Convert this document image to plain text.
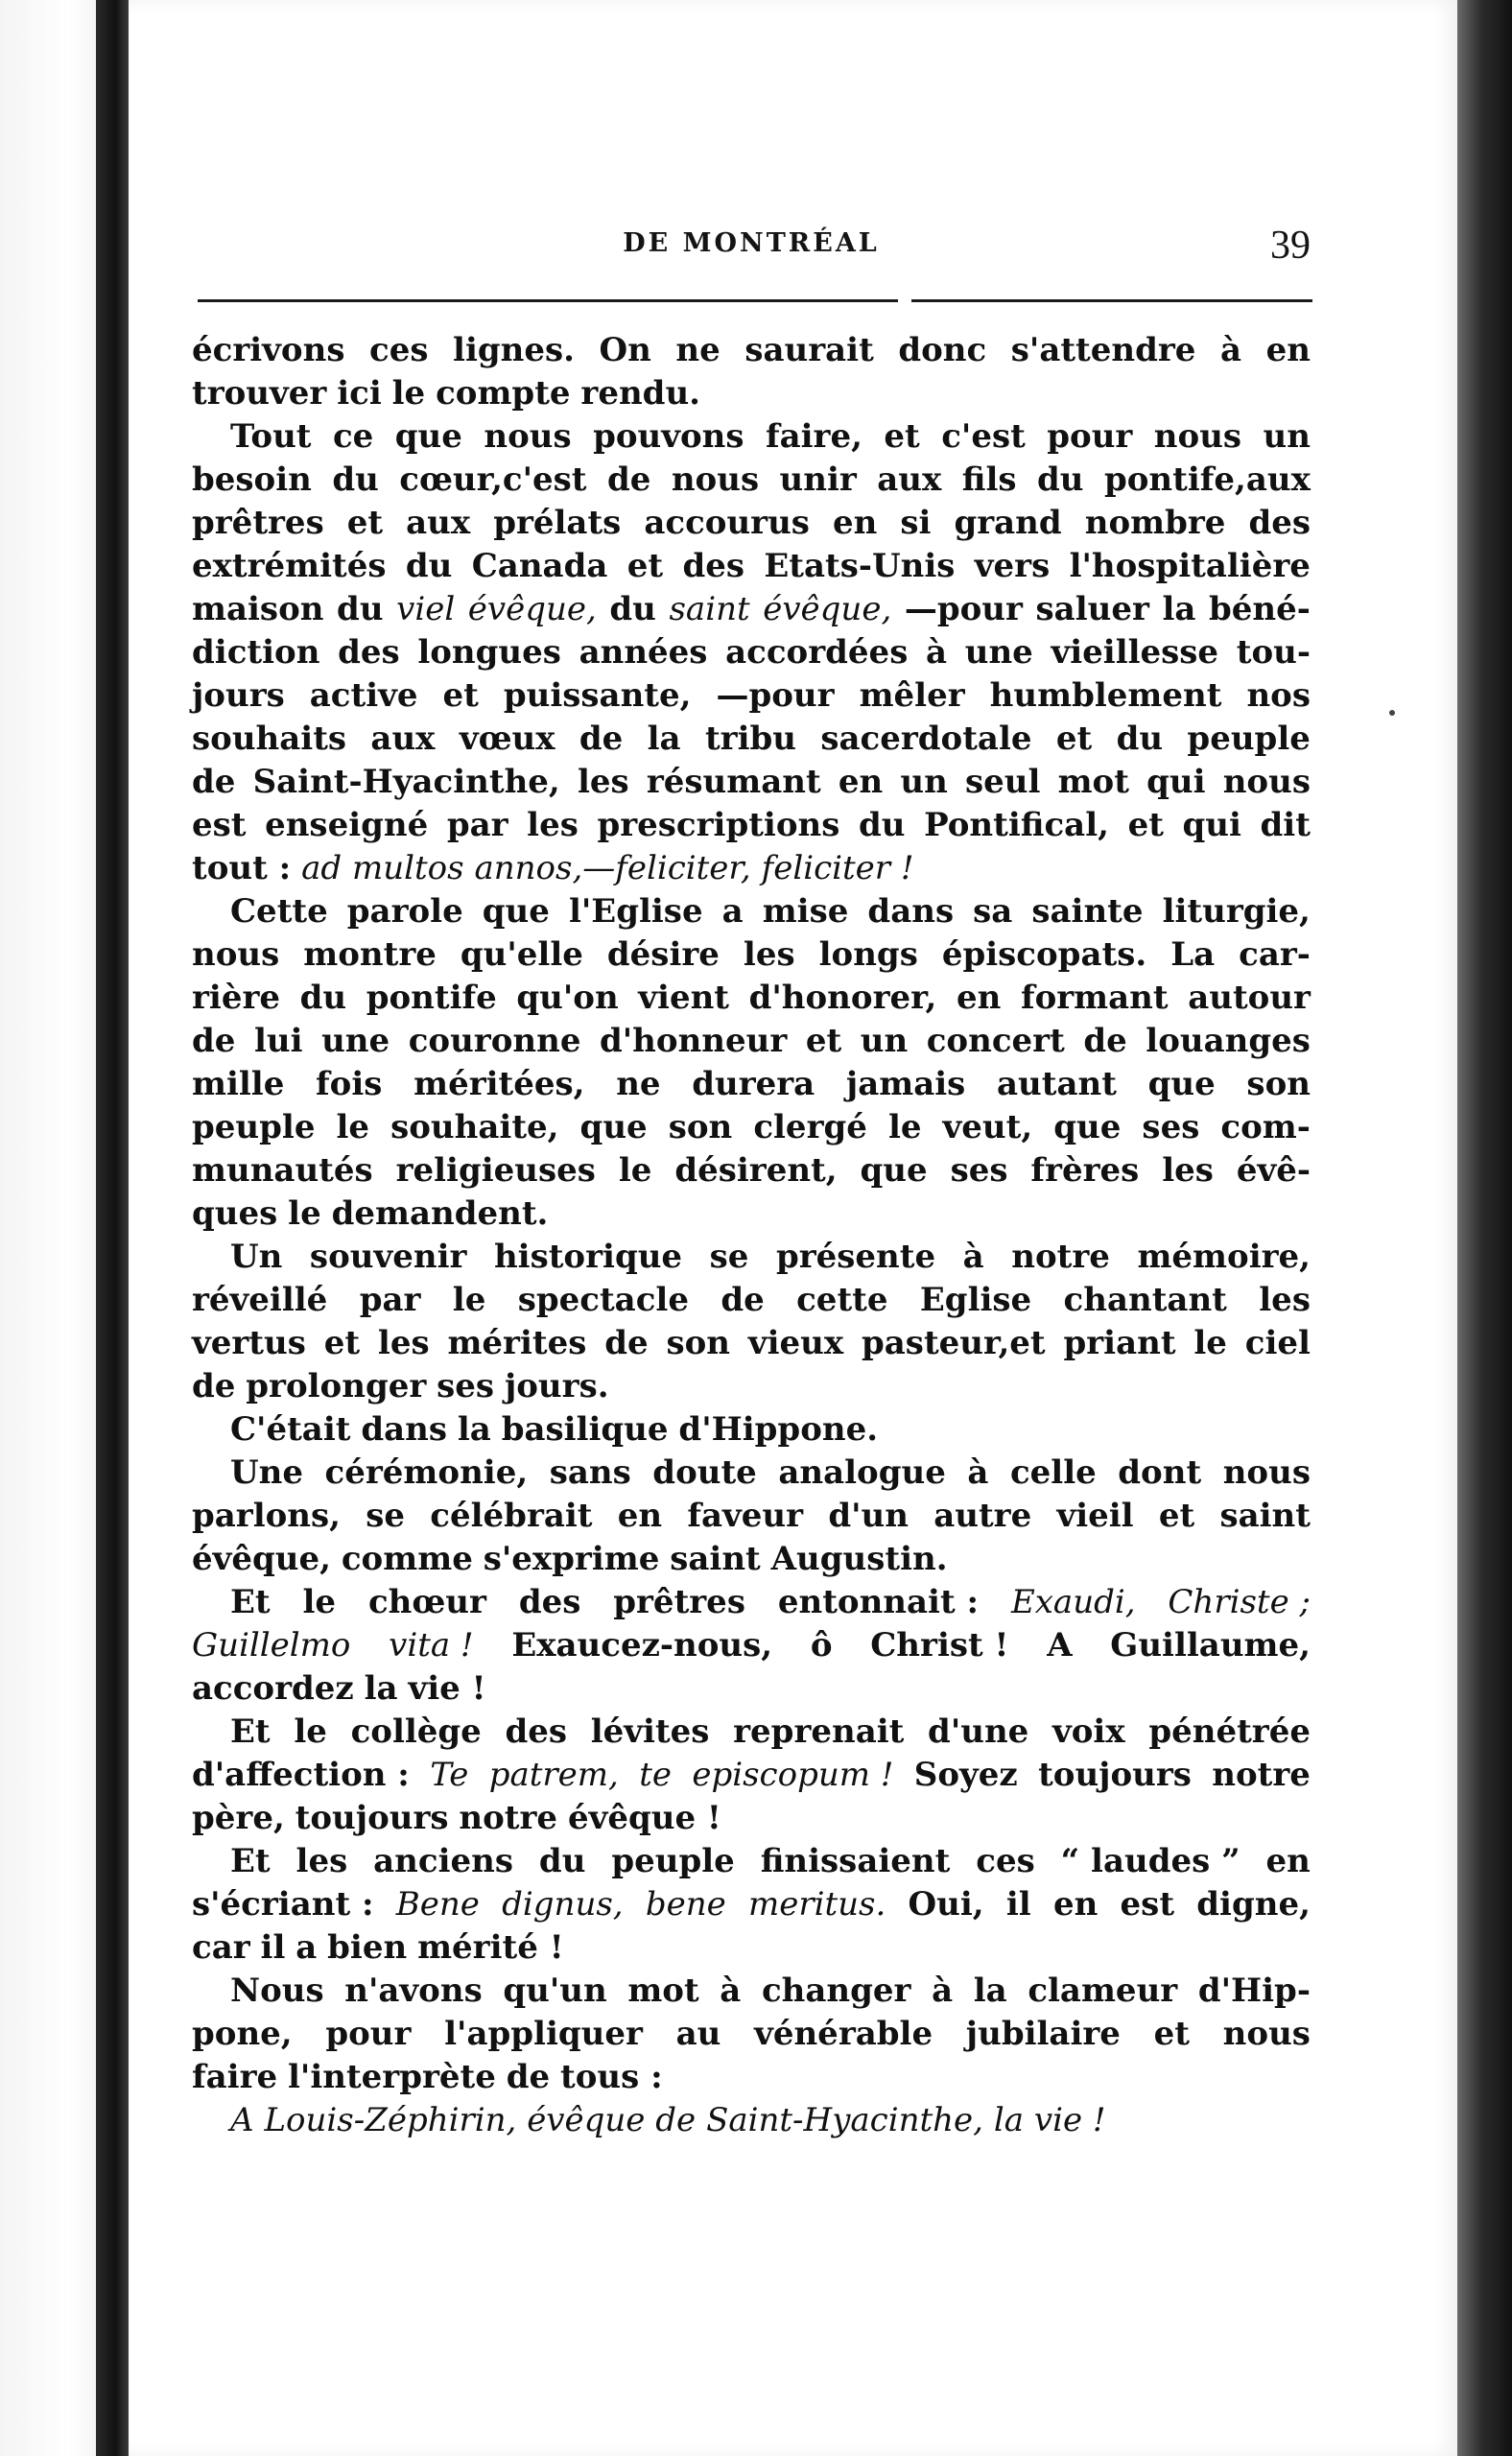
DE MONTRÉAL	39
écrivons ces lignes. On ne saurait donc s'attendre à en
trouver ici le compte rendu.
Tout ce que nous pouvons faire, et c'est pour nous un
besoin du cœur,c'est de nous unir aux fils du pontife,aux
prêtres et aux prélats accourus en si grand nombre des
extrémités du Canada et des Etats-Unis vers l'hospitalière
maison du viel évêque, du saint évêque, —pour saluer la béné-
diction des longues années accordées à une vieillesse tou-
jours active et puissante, —pour mêler humblement nos
souhaits aux vœux de la tribu sacerdotale et du peuple
de Saint-Hyacinthe, les résumant en un seul mot qui nous
est enseigné par les prescriptions du Pontifical, et qui dit
tout : ad multos annos,—feliciter, feliciter !
Cette parole que l'Eglise a mise dans sa sainte liturgie,
nous montre qu'elle désire les longs épiscopats. La car-
rière du pontife qu'on vient d'honorer, en formant autour
de lui une couronne d'honneur et un concert de louanges
mille fois méritées, ne durera jamais autant que son
peuple le souhaite, que son clergé le veut, que ses com-
munautés religieuses le désirent, que ses frères les évê-
ques le demandent.
Un souvenir historique se présente à notre mémoire,
réveillé par le spectacle de cette Eglise chantant les
vertus et les mérites de son vieux pasteur,et priant le ciel
de prolonger ses jours.
C'était dans la basilique d'Hippone.
Une cérémonie, sans doute analogue à celle dont nous
parlons, se célébrait en faveur d'un autre vieil et saint
évêque, comme s'exprime saint Augustin.
Et le chœur des prêtres entonnait : Exaudi, Christe ;
Guillelmo vita ! Exaucez-nous, ô Christ ! A Guillaume,
accordez la vie !
Et le collège des lévites reprenait d'une voix pénétrée
d'affection : Te patrem, te episcopum ! Soyez toujours notre
père, toujours notre évêque !
Et les anciens du peuple finissaient ces “ laudes ” en
s'écriant : Bene dignus, bene meritus. Oui, il en est digne,
car il a bien mérité !
Nous n'avons qu'un mot à changer à la clameur d'Hip-
pone, pour l'appliquer au vénérable jubilaire et nous
faire l'interprète de tous :
A Louis-Zéphirin, évêque de Saint-Hyacinthe, la vie !
